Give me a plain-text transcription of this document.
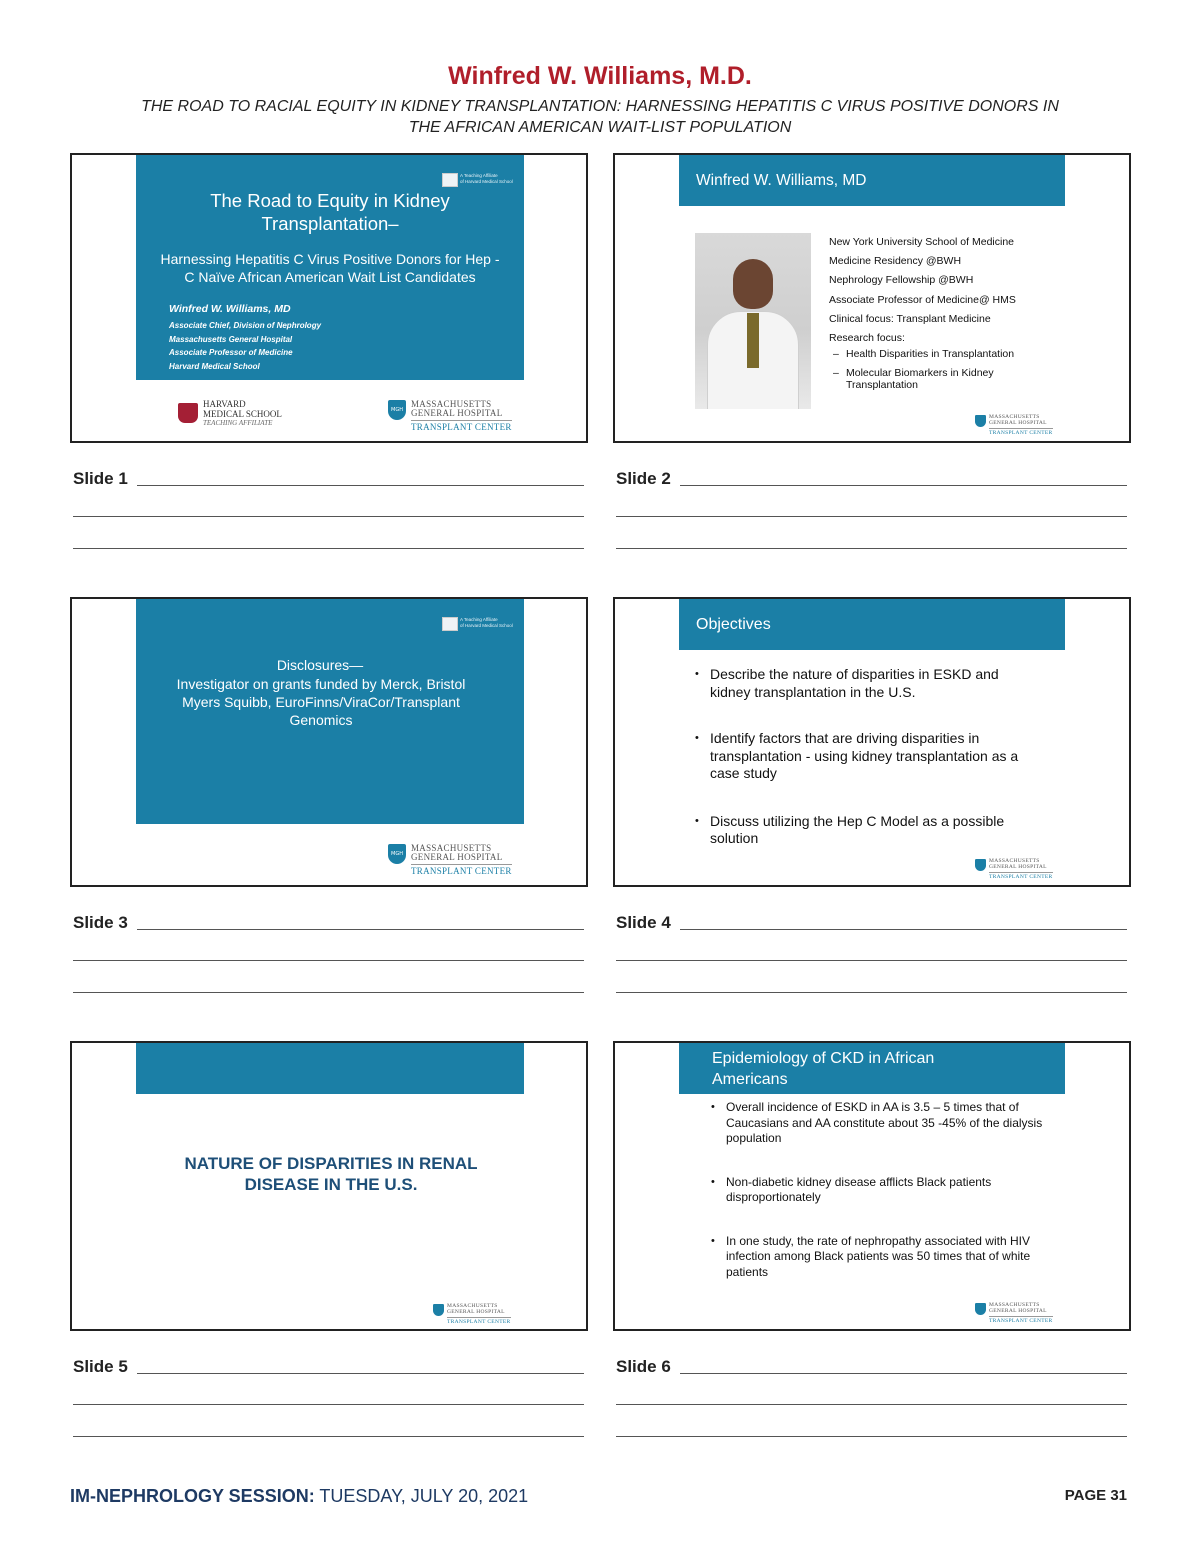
Winfred W. Williams, M.D.
THE ROAD TO RACIAL EQUITY IN KIDNEY TRANSPLANTATION: HARNESSING HEPATITIS C VIRUS POSITIVE DONORS IN THE AFRICAN AMERICAN WAIT-LIST POPULATION
A Teaching Affiliate
of Harvard Medical School
The Road to Equity in Kidney Transplantation–
Harnessing Hepatitis C Virus Positive Donors for Hep - C Naïve African American Wait List Candidates
Winfred W. Williams, MD
Associate Chief, Division of Nephrology
Massachusetts General Hospital
Associate Professor of Medicine
Harvard Medical School
HARVARD
MEDICAL SCHOOL
TEACHING AFFILIATE
MGH
MASSACHUSETTS
GENERAL HOSPITAL
TRANSPLANT CENTER
Slide 1
Winfred W. Williams, MD
New York University School of Medicine
Medicine Residency @BWH
Nephrology Fellowship @BWH
Associate Professor of Medicine@ HMS
Clinical focus: Transplant Medicine
Research focus:
– Health Disparities in Transplantation
– Molecular Biomarkers in Kidney Transplantation
MASSACHUSETTS
GENERAL HOSPITAL
TRANSPLANT CENTER
Slide 2
A Teaching Affiliate
of Harvard Medical School
Disclosures—
Investigator on grants funded by Merck, Bristol Myers Squibb, EuroFinns/ViraCor/Transplant Genomics
MGH
MASSACHUSETTS
GENERAL HOSPITAL
TRANSPLANT CENTER
Slide 3
Objectives
• Describe the nature of disparities in ESKD and kidney transplantation in the U.S.
• Identify factors that are driving disparities in transplantation - using kidney transplantation as a case study
• Discuss utilizing the Hep C Model as a possible solution
MASSACHUSETTS
GENERAL HOSPITAL
TRANSPLANT CENTER
Slide 4
NATURE OF DISPARITIES IN RENAL DISEASE IN THE U.S.
MASSACHUSETTS
GENERAL HOSPITAL
TRANSPLANT CENTER
Slide 5
Epidemiology of CKD in African Americans
• Overall incidence of ESKD in AA is 3.5 – 5 times that of Caucasians and AA constitute about 35 -45% of the dialysis population
• Non-diabetic kidney disease afflicts Black patients disproportionately
• In one study, the rate of nephropathy associated with HIV infection among Black patients was 50 times that of white patients
MASSACHUSETTS
GENERAL HOSPITAL
TRANSPLANT CENTER
Slide 6
IM-NEPHROLOGY SESSION: TUESDAY, JULY 20, 2021	PAGE 31
